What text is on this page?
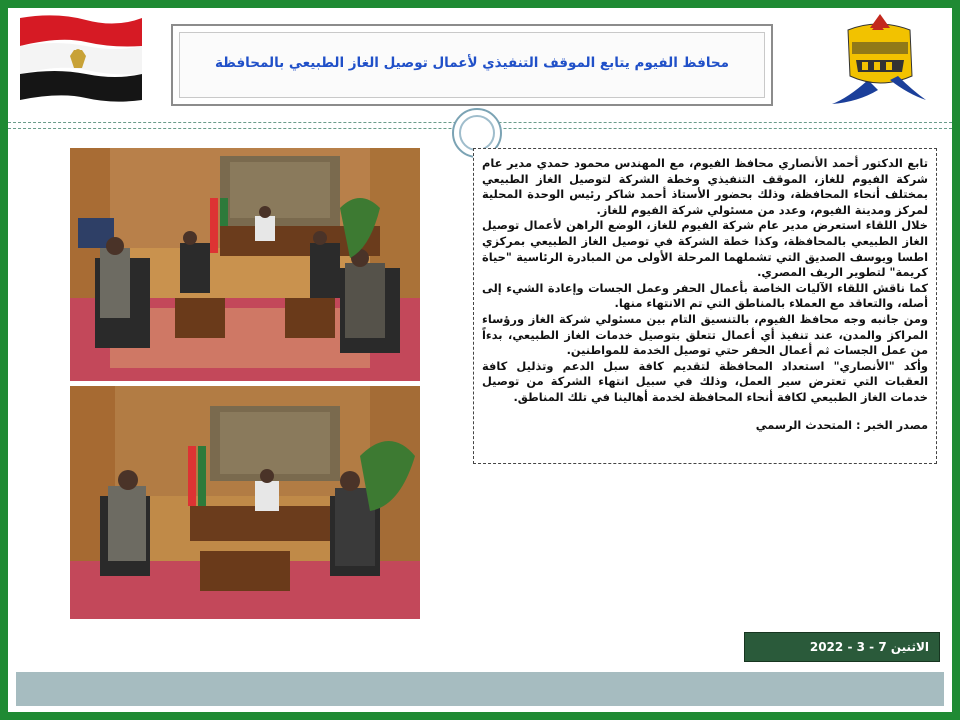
محافظ الفيوم يتابع الموقف التنفيذي لأعمال توصيل الغاز الطبيعي بالمحافظة

تابع الدكتور أحمد الأنصاري محافظ الفيوم، مع المهندس محمود حمدي مدير عام شركة الفيوم للغاز، الموقف التنفيذي وخطة الشركة لتوصيل الغاز الطبيعي بمختلف أنحاء المحافظة، وذلك بحضور الأستاذ أحمد شاكر رئيس الوحدة المحلية لمركز ومدينة الفيوم، وعدد من مسئولي شركة الفيوم للغاز.

خلال اللقاء استعرض مدير عام شركة الفيوم للغاز، الوضع الراهن لأعمال توصيل الغاز الطبيعي بالمحافظة، وكذا خطة الشركة في توصيل الغاز الطبيعي بمركزي اطسا ويوسف الصديق التي تشملهما المرحلة الأولى من المبادرة الرئاسية "حياة كريمة" لتطوير الريف المصري.

كما ناقش اللقاء الآليات الخاصة بأعمال الحفر وعمل الجسات وإعادة الشيء إلى أصله، والتعاقد مع العملاء بالمناطق التي تم الانتهاء منها.

ومن جانبه وجه محافظ الفيوم، بالتنسيق التام بين مسئولي شركة الغاز ورؤساء المراكز والمدن، عند تنفيذ أي أعمال تتعلق بتوصيل خدمات الغاز الطبيعي، بدءاً من عمل الجسات ثم أعمال الحفر حتي توصيل الخدمة للمواطنين.

وأكد "الأنصاري" استعداد المحافظة لتقديم كافة سبل الدعم وتذليل كافة العقبات التي تعترض سير العمل، وذلك في سبيل انتهاء الشركة من توصيل خدمات الغاز الطبيعي لكافة أنحاء المحافظة لخدمة أهالينا في تلك المناطق.

مصدر الخبر : المتحدث الرسمي

الاثنين 7 - 3 - 2022
